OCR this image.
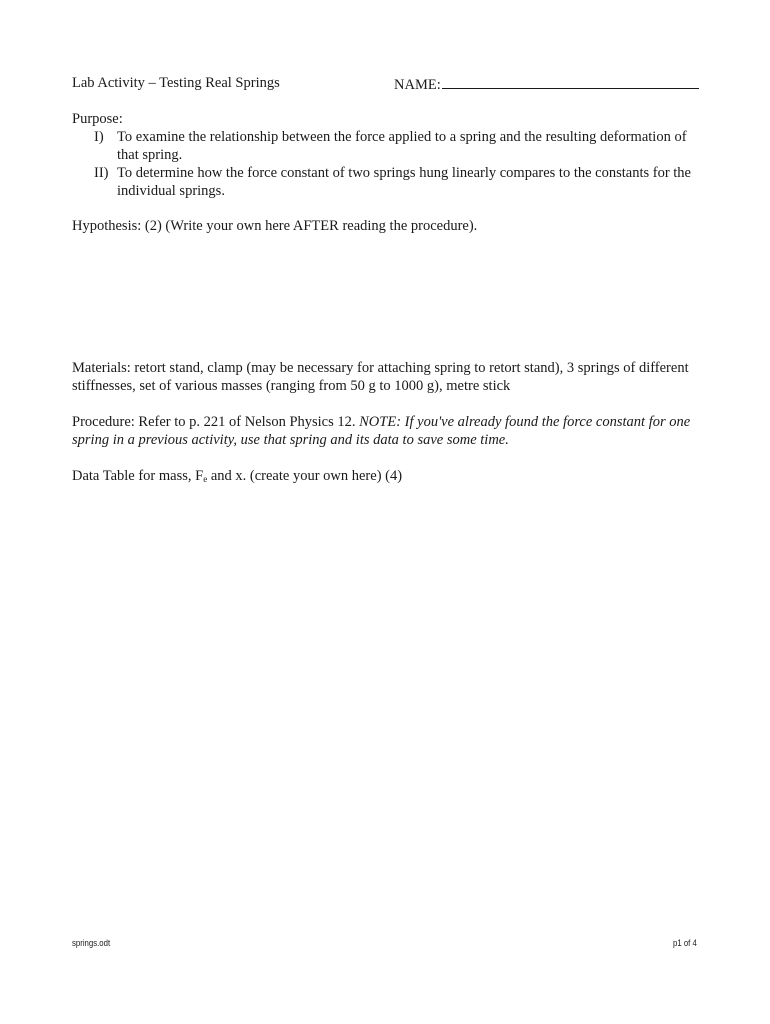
Lab Activity – Testing Real Springs	NAME:
Purpose:
I) To examine the relationship between the force applied to a spring and the resulting deformation of that spring.
II) To determine how the force constant of two springs hung linearly compares to the constants for the individual springs.
Hypothesis: (2) (Write your own here AFTER reading the procedure).
Materials: retort stand, clamp (may be necessary for attaching spring to retort stand), 3 springs of different stiffnesses, set of various masses (ranging from 50 g to 1000 g), metre stick
Procedure: Refer to p. 221 of Nelson Physics 12. NOTE: If you've already found the force constant for one spring in a previous activity, use that spring and its data to save some time.
Data Table for mass, $F_e$ and x. (create your own here) (4)
springs.odt	p1 of 4
